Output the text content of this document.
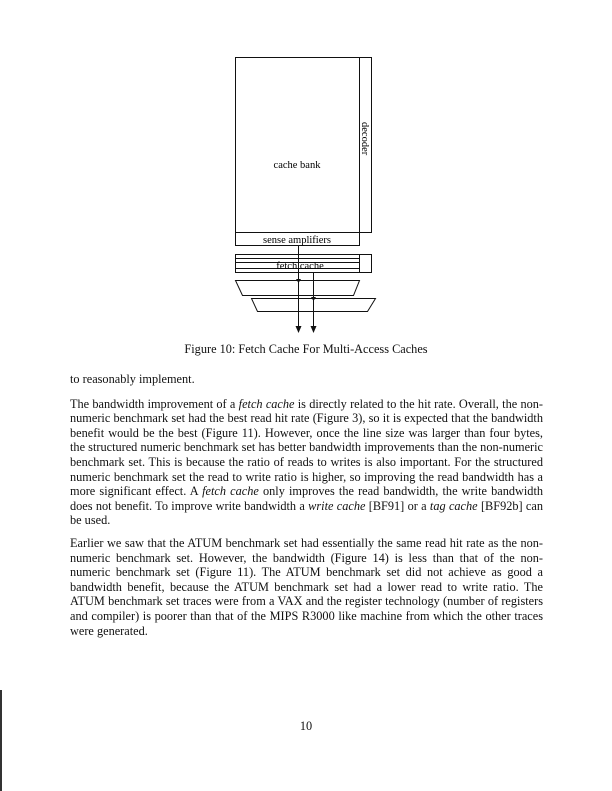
cache bank
decoder
sense amplifiers
fetch cache
Figure 10: Fetch Cache For Multi-Access Caches

to reasonably implement.

The bandwidth improvement of a fetch cache is directly related to the hit rate. Overall, the non-numeric benchmark set had the best read hit rate (Figure 3), so it is expected that the bandwidth benefit would be the best (Figure 11). However, once the line size was larger than four bytes, the structured numeric benchmark set has better bandwidth improvements than the non-numeric benchmark set. This is because the ratio of reads to writes is also important. For the structured numeric benchmark set the read to write ratio is higher, so improving the read bandwidth has a more significant effect. A fetch cache only improves the read bandwidth, the write bandwidth does not benefit. To improve write bandwidth a write cache [BF91] or a tag cache [BF92b] can be used.

Earlier we saw that the ATUM benchmark set had essentially the same read hit rate as the non-numeric benchmark set. However, the bandwidth (Figure 14) is less than that of the non-numeric benchmark set (Figure 11). The ATUM benchmark set did not achieve as good a bandwidth benefit, because the ATUM benchmark set had a lower read to write ratio. The ATUM benchmark set traces were from a VAX and the register technology (number of registers and compiler) is poorer than that of the MIPS R3000 like machine from which the other traces were generated.

10
